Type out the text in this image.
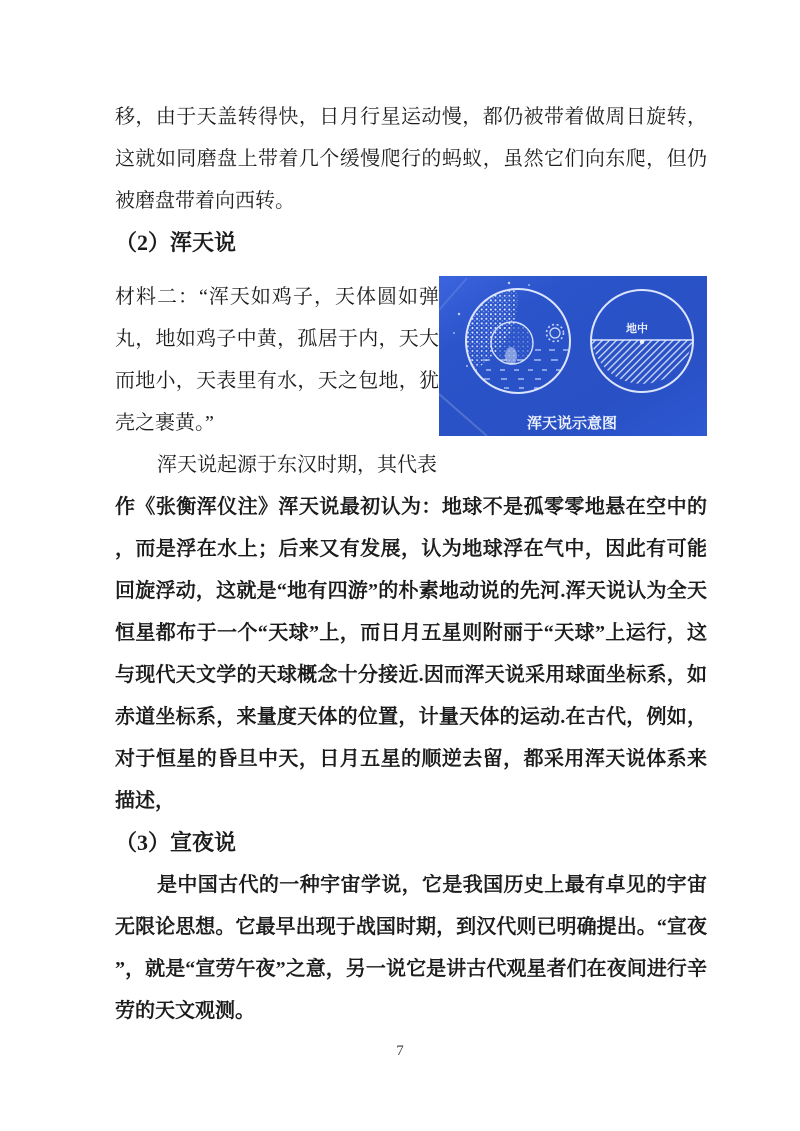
移，由于天盖转得快，日月行星运动慢，都仍被带着做周日旋转，这就如同磨盘上带着几个缓慢爬行的蚂蚁，虽然它们向东爬，但仍被磨盘带着向西转。

（2）浑天说

材料二：“浑天如鸡子，天体圆如弹丸，地如鸡子中黄，孤居于内，天大而地小，天表里有水，天之包地，犹壳之裹黄。”

浑天说起源于东汉时期，其代表

地中
浑天说示意图

作《张衡浑仪注》浑天说最初认为：地球不是孤零零地悬在空中的，而是浮在水上；后来又有发展，认为地球浮在气中，因此有可能回旋浮动，这就是“地有四游”的朴素地动说的先河.浑天说认为全天恒星都布于一个“天球”上，而日月五星则附丽于“天球”上运行，这与现代天文学的天球概念十分接近.因而浑天说采用球面坐标系，如赤道坐标系，来量度天体的位置，计量天体的运动.在古代，例如，对于恒星的昏旦中天，日月五星的顺逆去留，都采用浑天说体系来描述，

（3）宣夜说

是中国古代的一种宇宙学说，它是我国历史上最有卓见的宇宙无限论思想。它最早出现于战国时期，到汉代则已明确提出。“宣夜”，就是“宣劳午夜”之意，另一说它是讲古代观星者们在夜间进行辛劳的天文观测。

7
